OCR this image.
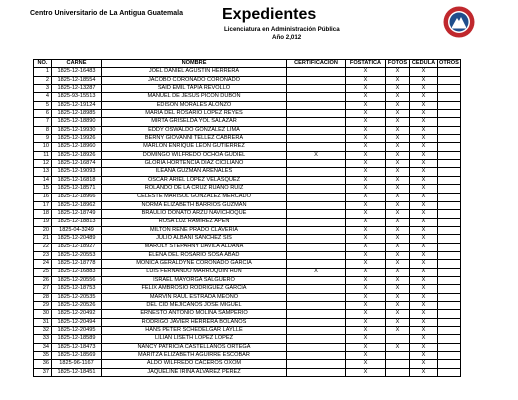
Centro Universitario de La Antigua Guatemala Expedientes
Licenciatura en Administración Pública
Año 2,012
NO.	CARNE	NOMBRE	CERTIFICACION	FOSTATICA	FOTOS	CEDULA	OTROS
1	1825-12-16483	JOEL DANIEL AGUSTIN HERRERA		X	X	X	
2	1825-12-18554	JACOBO CORONADO CORONADO		X	X	X	
3	1825-12-13287	SAID EMIL TAPIA REVOLLO		X	X	X	
4	1825-93-15513	MANUEL DE JESUS PICON DUBON		X	X	X	
5	1825-12-19124	EDISON MORALES ALONZO		X	X	X	
6	1825-12-18985	MARIA DEL ROSARIO LOPEZ REYES		X	X	X	
7	1825-12-18890	MIRTA GRISELDA YOL SALAZAR		X	X	X	
8	1825-12-19930	EDDY OSWALDO GONZALEZ LIMA		X	X	X	
9	1825-12-19926	BERNY GIOVANNI TELLEZ CABRERA		X	X	X	
10	1825-12-18960	MARLON ENRIQUE LEON GUTIERREZ		X	X	X	
11	1825-12-18926	DOMINGO WILFREDO OCHOA GUDIEL	X	X	X	X	
12	1825-12-16874	GLORIA HORTENCIA DIAZ CICILIANO		X	X	X	
13	1825-12-19093	ILEANA GUZMAN ARENALES		X	X	X	
14	1825-12-16818	OSCAR ARIEL LOPEZ VELASQUEZ		X	X	X	
15	1825-12-18571	ROLANDO DE LA CRUZ RUANO RUIZ		X	X	X	
16	1825-12-18966	CELESTE MARISOL GONZALEZ MERCADO		X	X	X	
17	1825-12-18962	NORMA ELIZABETH BARRIOS GUZMAN		X	X	X	
18	1825-12-18749	BRAULIO DONATO ARZU NAVICHOQUE		X	X	X	
19	1825-12-18813	ROSA LUZ RAMIREZ APEN		X	X	X	
20	1825-04-3249	MILTON RENE PRADO CLAVERIA		X	X	X	
21	1825-12-20489	JULIO ALBANI SANCHEZ SIS		X	X	X	
22	1825-12-18927	MAROLY STEPAHNY DAVILA ALDANA		X	X	X	
23	1825-12-20553	ELENA DEL ROSARIO SOSA ABAD		X	X	X	
24	1825-12-18778	MONICA GERALDYNE CORONADO GARCIA		X	X	X	
25	1825-12-16883	LUIS FERNANDO MARROQUIN HUN	X	X	X	X	
26	1825-12-20556	ISRAEL MAYORGA SALGUERO		X	X	X	
27	1825-12-18753	FELIX AMBROSIO RODRIGUEZ GARCIA		X	X	X	
28	1825-12-20535	MARVIN RAUL ESTRADA MEONO		X	X	X	
29	1825-12-20526	DEL CID MEJICANOS JOSE MIGUEL		X	X	X	
30	1825-12-20492	ERNESTO ANTONIO MOLINA SAMPERIO		X	X	X	
31	1825-12-20494	RODRIGO JAVIER HERRERA BOLANOS		X	X	X	
32	1825-12-20495	HANS PETER SCHEDELGAR LAYLLE		X	X	X	
33	1825-12-18589	LILIAN LISETH LOPEZ LOPEZ		X		X	
34	1825-12-18473	NANCY PATRICIA CASTELLANOS ORTEGA		X	X	X	
35	1825-12-18569	MARITZA ELIZABETH AGUIRRE ESCOBAR		X		X	
36	1825-96-1167	ALDO WILFREDO CACEROS OXOM		X		X	
37	1825-12-18451	JAQUELINE IRINA ALVAREZ PEREZ		X		X	
